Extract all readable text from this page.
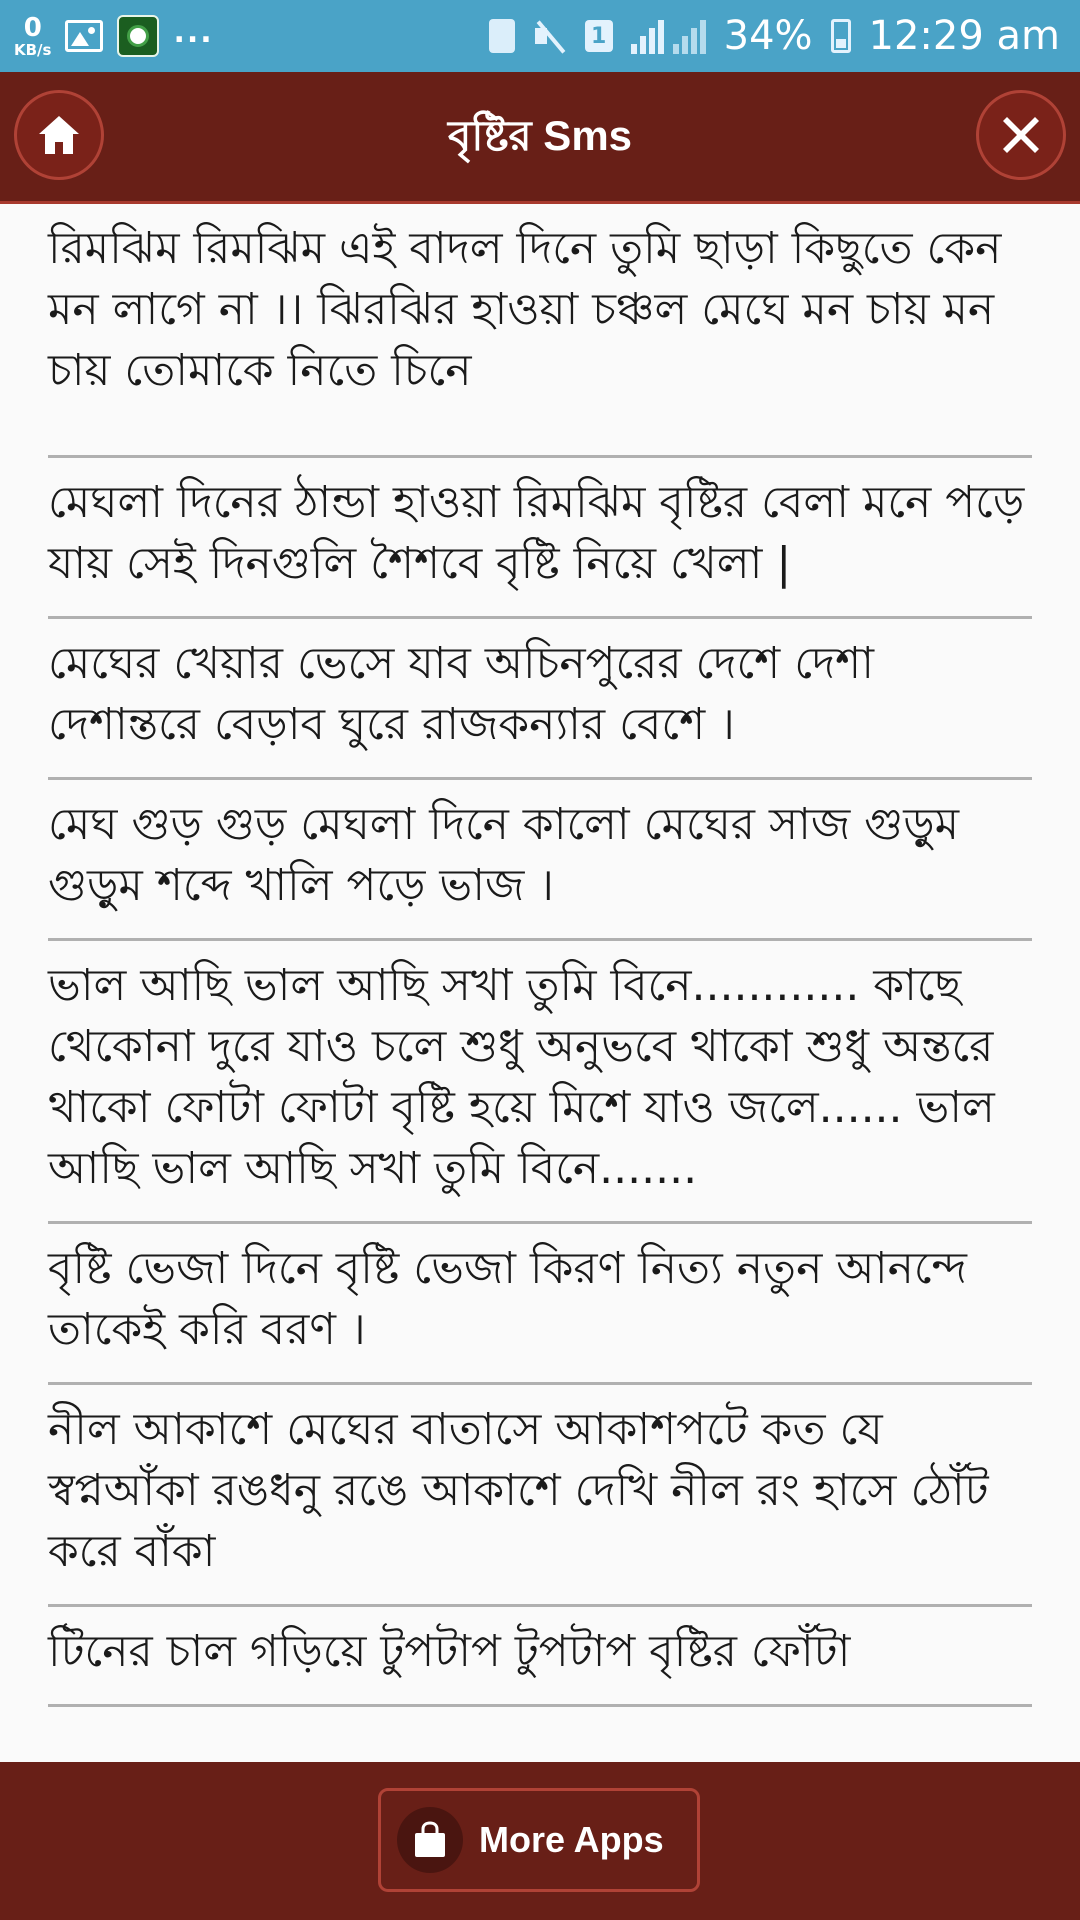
0
KB/s	...	1	34% 12:29 am
বৃষ্টির Sms
রিমঝিম রিমঝিম এই বাদল দিনে তুমি ছাড়া কিছুতে কেন মন লাগে না ।। ঝিরঝির হাওয়া চঞ্চল মেঘে মন চায় মন চায় তোমাকে নিতে চিনে
মেঘলা দিনের ঠান্ডা হাওয়া রিমঝিম বৃষ্টির বেলা মনে পড়ে যায় সেই দিনগুলি শৈশবে বৃষ্টি নিয়ে খেলা |
মেঘের খেয়ার ভেসে যাব অচিনপুরের দেশে দেশা দেশান্তরে বেড়াব ঘুরে রাজকন্যার বেশে ।
মেঘ গুড় গুড় মেঘলা দিনে কালো মেঘের সাজ গুড়ুম গুড়ুম শব্দে খালি পড়ে ভাজ ।
ভাল আছি ভাল আছি সখা তুমি বিনে............ কাছে থেকোনা দুরে যাও চলে শুধু অনুভবে থাকো শুধু অন্তরে থাকো ফোটা ফোটা বৃষ্টি হয়ে মিশে যাও জলে...... ভাল আছি ভাল আছি সখা তুমি বিনে.......
বৃষ্টি ভেজা দিনে বৃষ্টি ভেজা কিরণ নিত্য নতুন আনন্দে তাকেই করি বরণ ।
নীল আকাশে মেঘের বাতাসে আকাশপটে কত যে স্বপ্নআঁকা রঙধনু রঙে আকাশে দেখি নীল রং হাসে ঠোঁট করে বাঁকা
টিনের চাল গড়িয়ে টুপটাপ টুপটাপ বৃষ্টির ফোঁটা
More Apps
